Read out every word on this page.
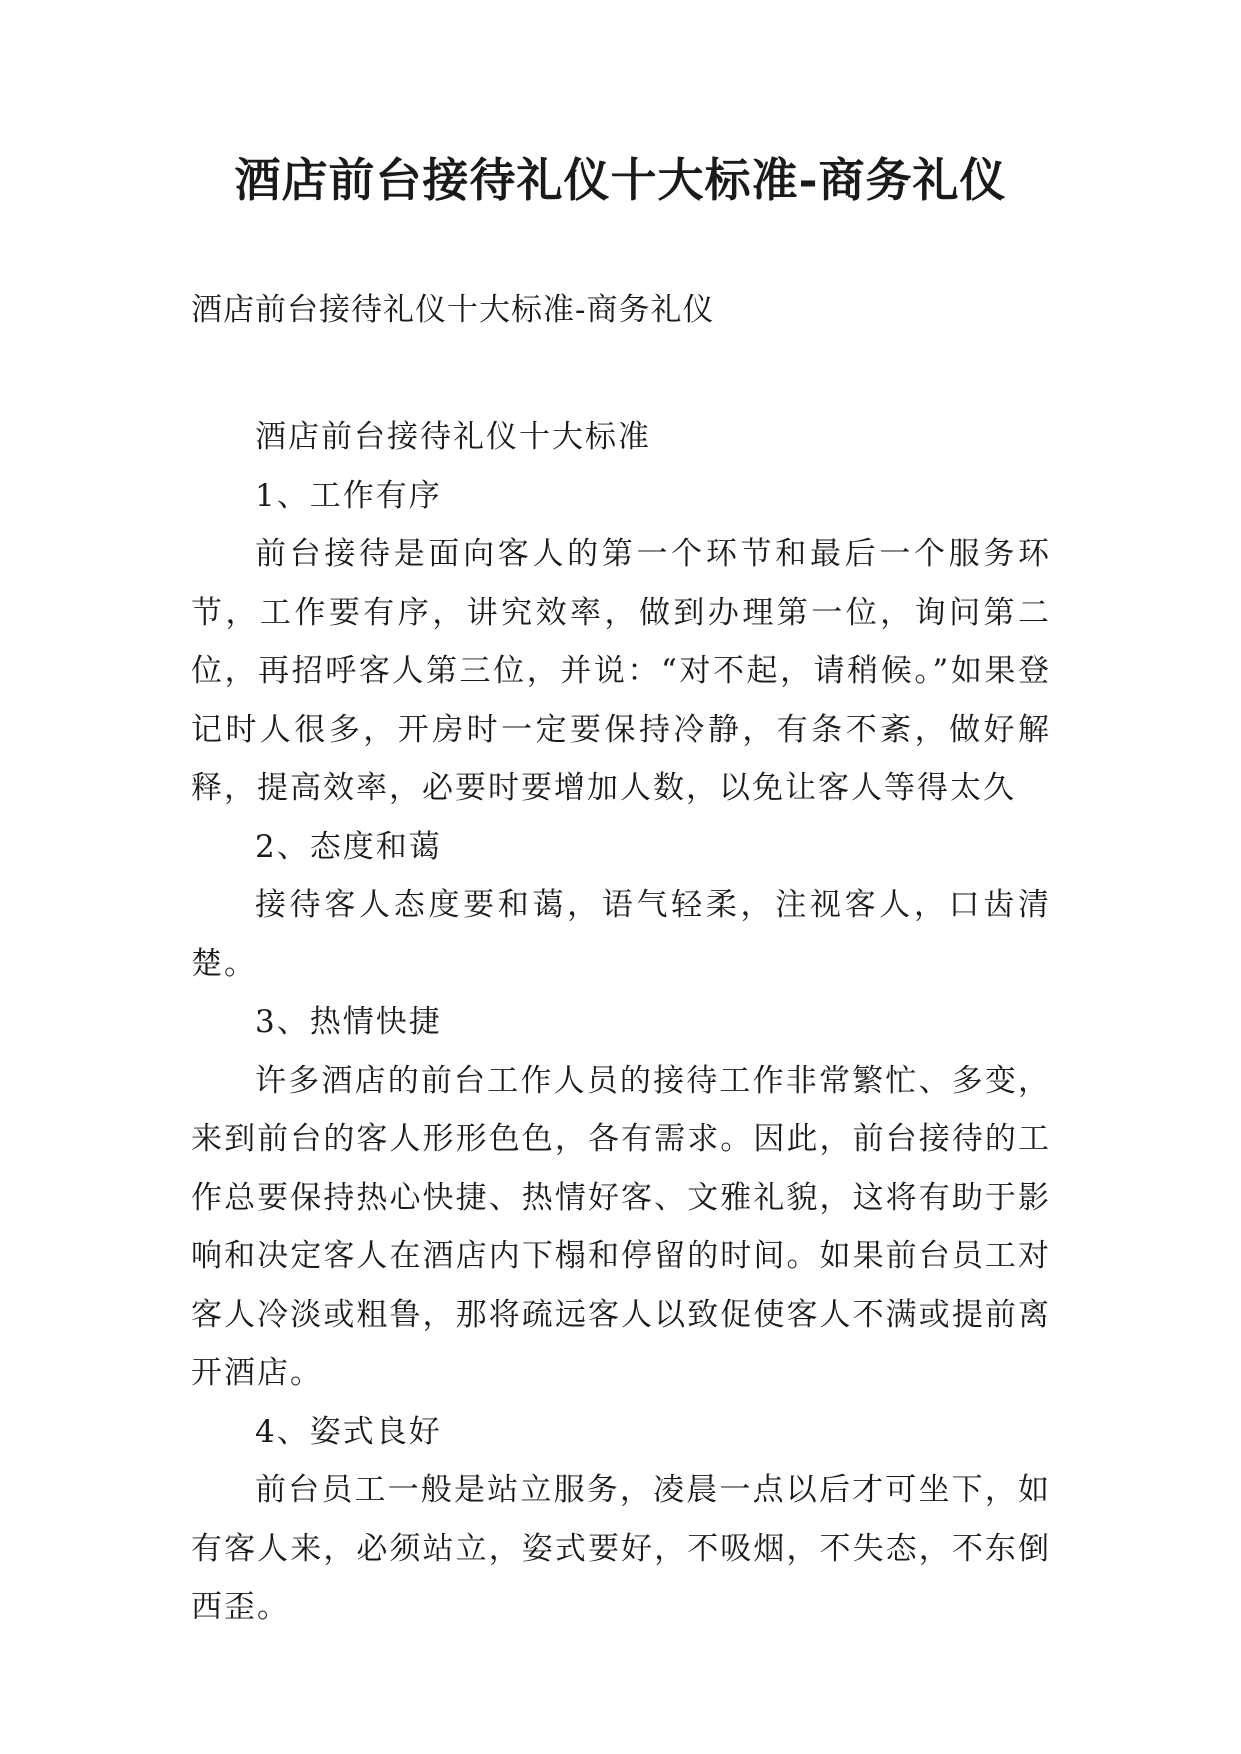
酒店前台接待礼仪十大标准-商务礼仪
酒店前台接待礼仪十大标准-商务礼仪

酒店前台接待礼仪十大标准

1、工作有序

前台接待是面向客人的第一个环节和最后一个服务环节，工作要有序，讲究效率，做到办理第一位，询问第二位，再招呼客人第三位，并说：“对不起，请稍候。”如果登记时人很多，开房时一定要保持冷静，有条不紊，做好解释，提高效率，必要时要增加人数，以免让客人等得太久

2、态度和蔼

接待客人态度要和蔼，语气轻柔，注视客人，口齿清楚。

3、热情快捷

许多酒店的前台工作人员的接待工作非常繁忙、多变，来到前台的客人形形色色，各有需求。因此，前台接待的工作总要保持热心快捷、热情好客、文雅礼貌，这将有助于影响和决定客人在酒店内下榻和停留的时间。如果前台员工对客人冷淡或粗鲁，那将疏远客人以致促使客人不满或提前离开酒店。

4、姿式良好

前台员工一般是站立服务，凌晨一点以后才可坐下，如有客人来，必须站立，姿式要好，不吸烟，不失态，不东倒西歪。
